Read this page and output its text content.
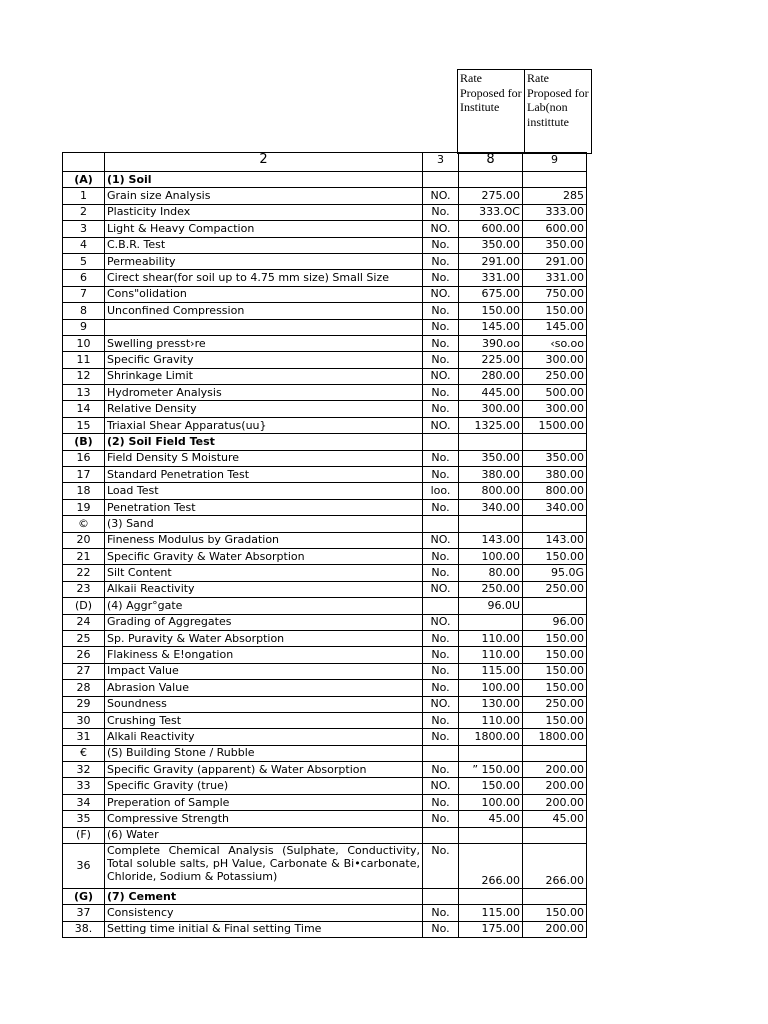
Rate Proposed for Institute	Rate Proposed for Lab(non instittute
	2	3	8	9
(A)	(1) Soil			
1	Grain size Analysis	NO.	275.00	285
2	Plasticity Index	No.	333.OC	333.00
3	Light & Heavy Compaction	NO.	600.00	600.00
4	C.B.R. Test	No.	350.00	350.00
5	Permeability	No.	291.00	291.00
6	Cirect shear(for soil up to 4.75 mm size) Small Size	No.	331.00	331.00
7	Cons"olidation	NO.	675.00	750.00
8	Unconfined Compression	No.	150.00	150.00
9		No.	145.00	145.00
10	Swelling presst›re	No.	390.oo	‹so.oo
11	Specific Gravity	No.	225.00	300.00
12	Shrinkage Limit	NO.	280.00	250.00
13	Hydrometer Analysis	No.	445.00	500.00
14	Relative Density	No.	300.00	300.00
15	Triaxial Shear Apparatus(uu}	NO.	1325.00	1500.00
(B)	(2) Soil Field Test			
16	Field Density S Moisture	No.	350.00	350.00
17	Standard Penetration Test	No.	380.00	380.00
18	Load Test	loo.	800.00	800.00
19	Penetration Test	No.	340.00	340.00
©	(3) Sand			
20	Fineness Modulus by Gradation	NO.	143.00	143.00
21	Specific Gravity & Water Absorption	No.	100.00	150.00
22	Silt Content	No.	80.00	95.0G
23	Alkaii Reactivity	NO.	250.00	250.00
(D)	(4) Aggr°gate		96.0U	
24	Grading of Aggregates	NO.		96.00
25	Sp. Puravity & Water Absorption	No.	110.00	150.00
26	Flakiness & E!ongation	No.	110.00	150.00
27	Impact Value	No.	115.00	150.00
28	Abrasion Value	No.	100.00	150.00
29	Soundness	NO.	130.00	250.00
30	Crushing Test	No.	110.00	150.00
31	Alkali Reactivity	No.	1800.00	1800.00
€	(S) Building Stone / Rubble			
32	Specific Gravity (apparent) & Water Absorption	No.	” 150.00	200.00
33	Specific Gravity (true)	NO.	150.00	200.00
34	Preperation of Sample	No.	100.00	200.00
35	Compressive Strength	No.	45.00	45.00
(F)	(6) Water			
36	Complete Chemical Analysis (Sulphate, Conductivity, Total soluble salts, pH Value, Carbonate & Bi•carbonate, Chloride, Sodium & Potassium)	No.	266.00	266.00
(G)	(7) Cement			
37	Consistency	No.	115.00	150.00
38.	Setting time initial & Final setting Time	No.	175.00	200.00
